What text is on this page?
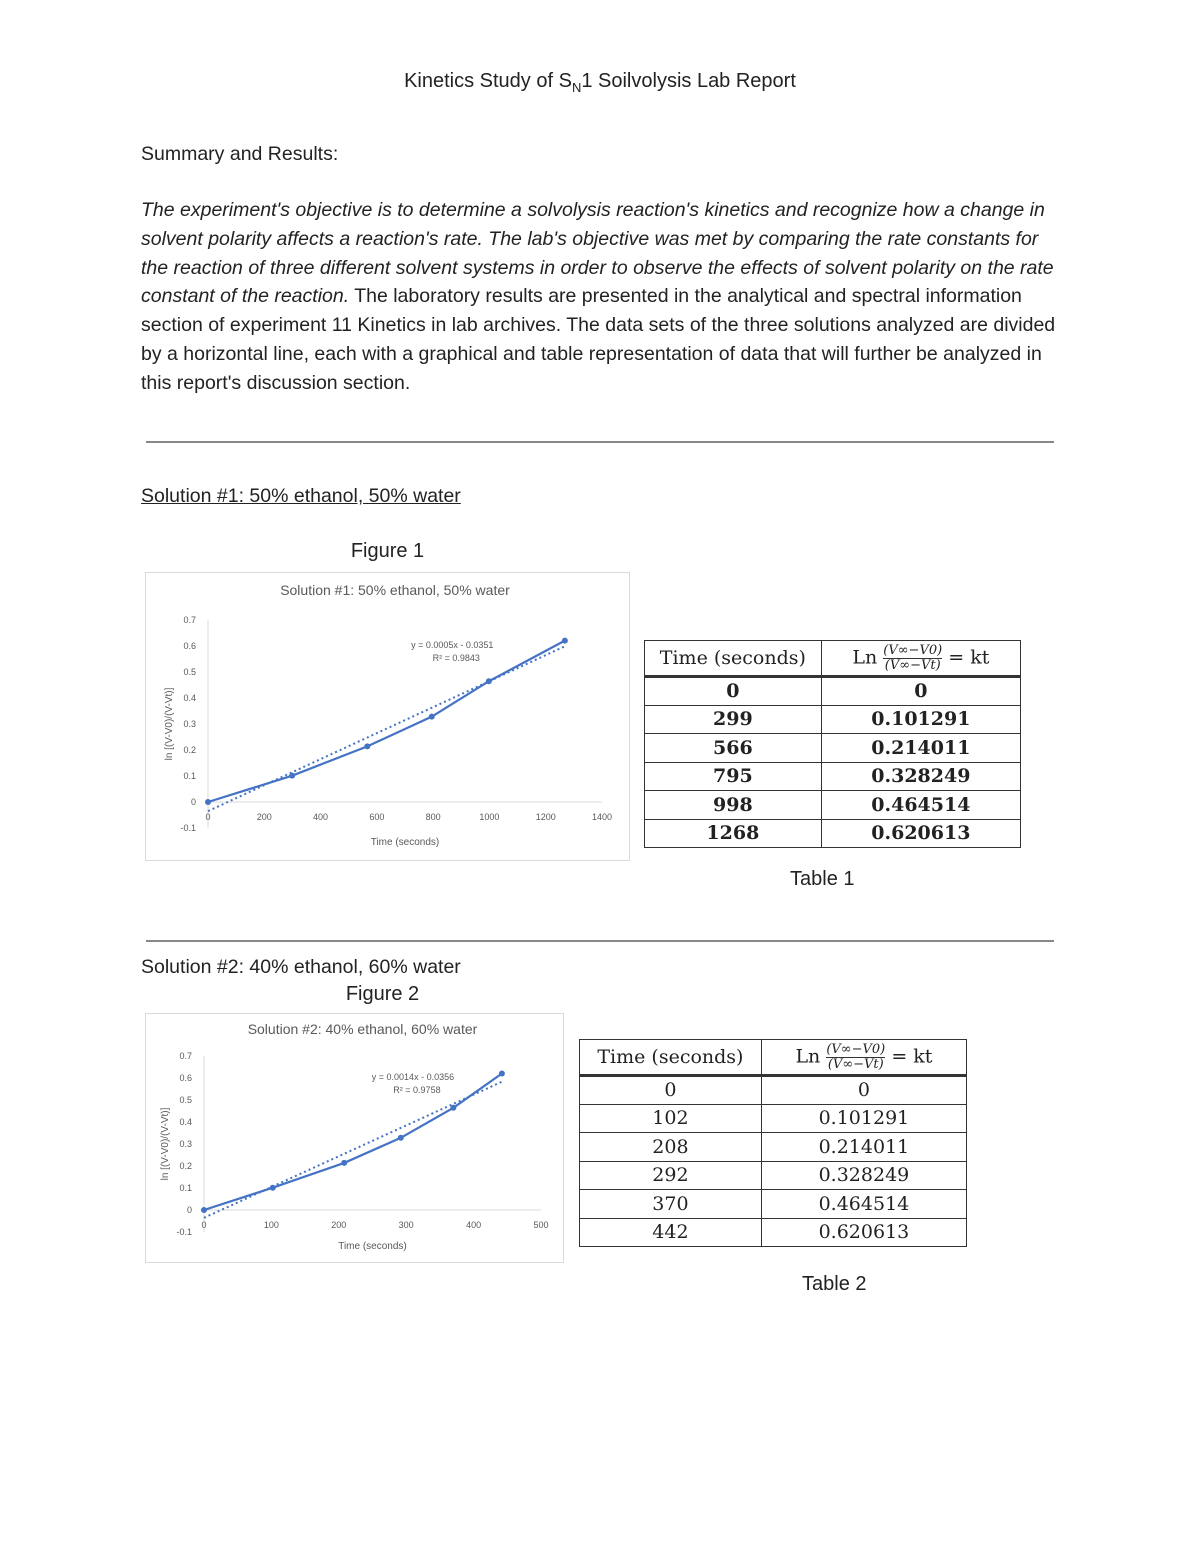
Kinetics Study of $S_N1$ Soilvolysis Lab Report
Summary and Results:
The experiment's objective is to determine a solvolysis reaction's kinetics and recognize how a change in solvent polarity affects a reaction's rate. The lab's objective was met by comparing the rate constants for the reaction of three different solvent systems in order to observe the effects of solvent polarity on the rate constant of the reaction. The laboratory results are presented in the analytical and spectral information section of experiment 11 Kinetics in lab archives. The data sets of the three solutions analyzed are divided by a horizontal line, each with a graphical and table representation of data that will further be analyzed in this report's discussion section.
Solution #1: 50% ethanol, 50% water
Figure 1
Solution #1: 50% ethanol, 50% water
-0.1
0
0.1
0.2
0.3
0.4
0.5
0.6
0.7
0	200	400	600	800	1000	1200	1400
Time (seconds)
ln [(V-V0)/(V-Vt)]
y = 0.0005x - 0.0351
R² = 0.9843	Time (seconds)	Ln $\frac{(V\infty-V0)}{(V\infty-Vt)}$ = kt
0	0
299	0.101291
566	0.214011
795	0.328249
998	0.464514
1268	0.620613
Table 1
Solution #2: 40% ethanol, 60% water
Figure 2
Solution #2: 40% ethanol, 60% water
-0.1
0
0.1
0.2
0.3
0.4
0.5
0.6
0.7
0	100	200	300	400	500
Time (seconds)
ln [(V-V0)/(V-Vt)]
y = 0.0014x - 0.0356
R² = 0.9758
Time (seconds)	Ln $\frac{(V\infty-V0)}{(V\infty-Vt)}$ = kt
0	0
102	0.101291
208	0.214011
292	0.328249
370	0.464514
442	0.620613
Table 2
